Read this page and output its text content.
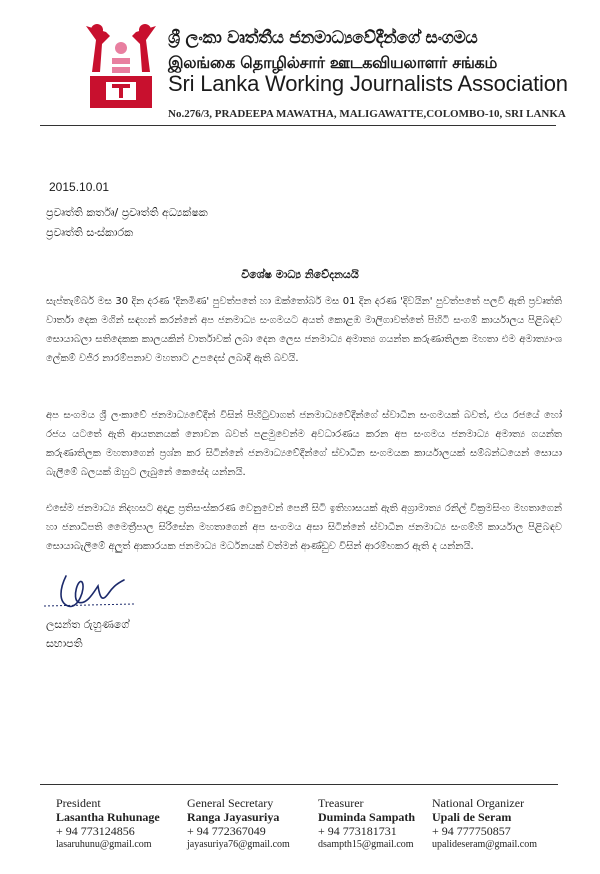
ශ්‍රී ලංකා වෘත්තීය ජනමාධ්‍යවේදීන්ගේ සංගමය
இலங்கை தொழில்சார் ஊடகவியலாளர் சங்கம்
Sri Lanka Working Journalists Association
No.276/3, PRADEEPA MAWATHA, MALIGAWATTE,COLOMBO-10, SRI LANKA
2015.10.01
ප්‍රවෘත්ති කර්තෘ/ ප්‍රවෘත්ති අධ්‍යක්ෂක
ප්‍රවෘත්ති සංස්කාරක
විශේෂ මාධ්‍ය නිවේදනයයි
සැප්තැම්බර් මස 30 දින දරණ 'දිනමිණ' පුවත්පතේ හා ඔක්තෝබර් මස 01 දින දරණ 'දිවයින' පුවත්පතේ පලවී ඇති ප්‍රවෘත්ති වාර්තා දෙක මගින් සඳහන් කරන්නේ අප ජනමාධ්‍ය සංගමයට අයත් කොළඹ මාලිගාවත්තේ පිහිටි සංගම් කාර්යාලය පිළිබඳව සොයාබලා සතිදෙකක කාලයකින් වාර්තාවක් ලබා දෙන ලෙස ජනමාධ්‍ය අමාත්‍ය ගයන්ත කරුණාතිලක මහතා එම අමාත්‍යාංශ ලේකම් වජිර නාරම්පනාව මහතාට උපදෙස් ලබාදී ඇති බවයි.
අප සංගමය ශ්‍රී ලංකාවේ ජනමාධ්‍යවේදීන් විසින් පිහිටුවාගත් ජනමාධ්‍යවේදීන්ගේ ස්වාධීන සංගමයක් බවත්, එය රජයේ හෝ රජය යටතේ ඇති ආයතනයක් නොවන බවත් පළමුවෙන්ම අවධාරණය කරන අප සංගමය ජනමාධ්‍ය අමාත්‍ය ගයන්ත කරුණාතිලක මහතාගෙන් ප්‍රශ්න කර සිටින්නේ ජනමාධ්‍යවේදීන්ගේ ස්වාධීන සංගමයක කාර්යාලයක් සම්බන්ධයෙන් සොයා බැලීමේ බලයක් ඔහුට ලැබුනේ කෙසේද යන්නයි.
එසේම ජනමාධ්‍ය නිදහසට අදාළ ප්‍රතිසංස්කරණ වෙනුවෙන් පෙනී සිටි ඉතිහාසයක් ඇති අග්‍රාමාත්‍ය රනිල් වික්‍රමසිංහ මහතාගෙන් හා ජනාධිපති මෛත්‍රීපාල සිරිසේන මහතාගෙන් අප සංගමය අසා සිටින්නේ ස්වාධීන ජනමාධ්‍ය සංගම්හි කාර්යාල පිළිබඳව සොයාබැලීමේ අලුත් ආකාරයක ජනමාධ්‍ය මර්ධනයක් වත්මන් ආණ්ඩුව විසින් ආරම්භකර ඇති ද යන්නයි.
ලසන්ත රුහුණගේ
සභාපති
President
Lasantha Ruhunage
+ 94 773124856
lasaruhunu@gmail.com
General Secretary
Ranga Jayasuriya
+ 94 772367049
jayasuriya76@gmail.com
Treasurer
Duminda Sampath
+ 94 773181731
dsampth15@gmail.com
National Organizer
Upali de Seram
+ 94 777750857
upalideseram@gmail.com
